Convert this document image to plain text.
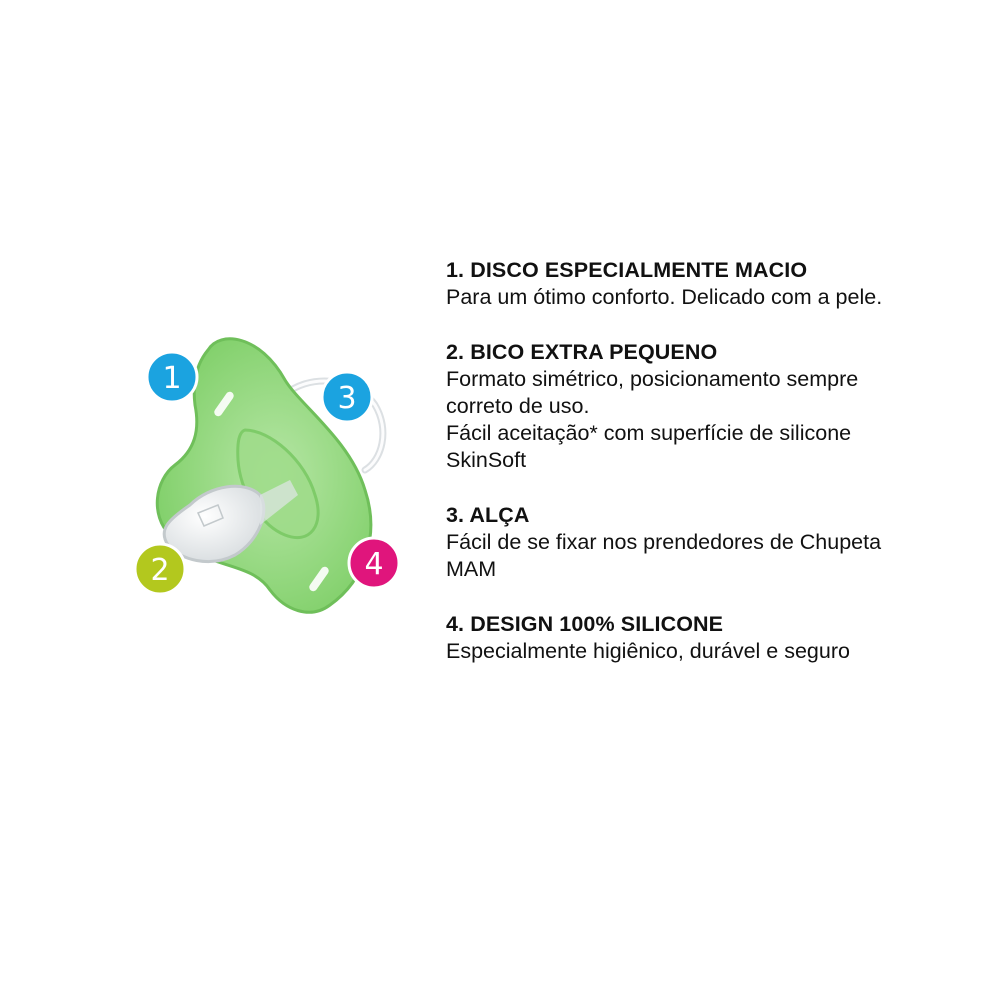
1
3
2	4
1. DISCO ESPECIALMENTE MACIO
Para um ótimo conforto. Delicado com a pele.
2. BICO EXTRA PEQUENO
Formato simétrico, posicionamento sempre
correto de uso.
Fácil aceitação* com superfície de silicone
SkinSoft
3. ALÇA
Fácil de se fixar nos prendedores de Chupeta
MAM
4. DESIGN 100% SILICONE
Especialmente higiênico, durável e seguro
